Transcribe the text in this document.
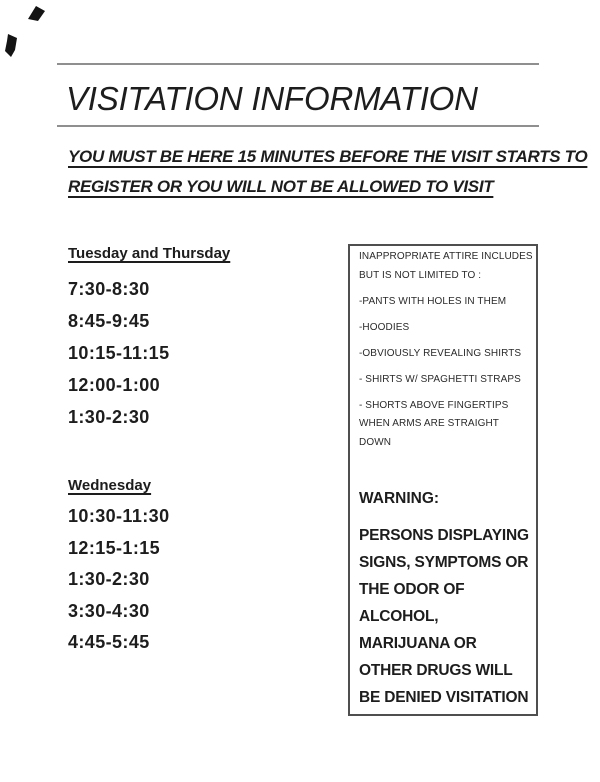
VISITATION INFORMATION
YOU MUST BE HERE 15 MINUTES BEFORE THE VISIT STARTS TO
REGISTER OR YOU WILL NOT BE ALLOWED TO VISIT
Tuesday and Thursday
7:30-8:30
8:45-9:45
10:15-11:15
12:00-1:00
1:30-2:30
Wednesday
10:30-11:30
12:15-1:15
1:30-2:30
3:30-4:30
4:45-5:45
INAPPROPRIATE ATTIRE INCLUDES
BUT IS NOT LIMITED TO :
-PANTS WITH HOLES IN THEM
-HOODIES
-OBVIOUSLY REVEALING SHIRTS
- SHIRTS W/ SPAGHETTI STRAPS
- SHORTS ABOVE FINGERTIPS
WHEN ARMS ARE STRAIGHT
DOWN
WARNING:
PERSONS DISPLAYING
SIGNS, SYMPTOMS OR
THE ODOR OF
ALCOHOL,
MARIJUANA OR
OTHER DRUGS WILL
BE DENIED VISITATION
